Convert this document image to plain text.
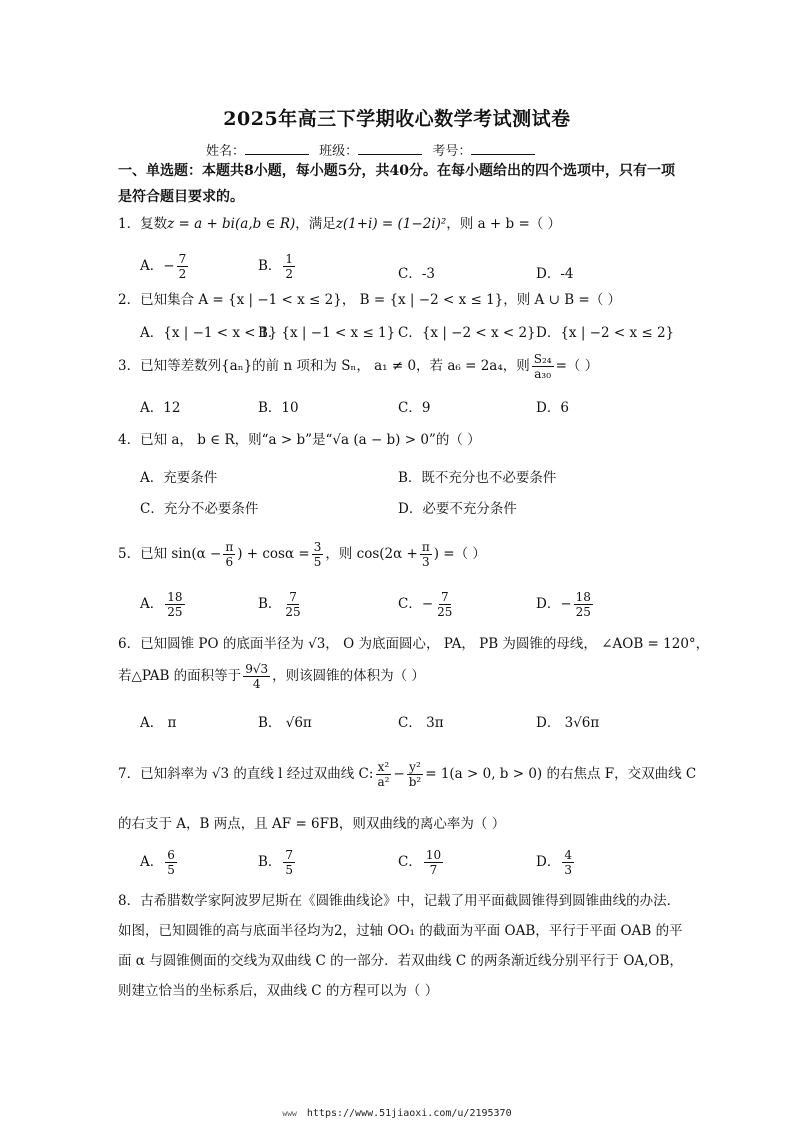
2025年高三下学期收心数学考试测试卷
姓名：	班级：	考号：
一、单选题：本题共8小题，每小题5分，共40分。在每小题给出的四个选项中，只有一项是符合题目要求的。
1．复数z = a + bi(a,b ∈ R)，满足z(1+i) = (1−2i)²，则 a + b =（ ）
A．− $\frac{7}{2}$	B． $\frac{1}{2}$	C．-3	D．-4
2．已知集合 A = {x | −1 < x ≤ 2}， B = {x | −2 < x ≤ 1}，则 A ∪ B =（ ）
A．{x | −1 < x < 1}
B．{x | −1 < x ≤ 1} C．{x | −2 < x < 2} D．{x | −2 < x ≤ 2}
3．已知等差数列{aₙ}的前 n 项和为 Sₙ， a₁ ≠ 0，若 a₆ = 2a₄，则 $\frac{\text{S₂₄}}{\text{a₃₀}}$ =（ ）
A．12	B．10	C．9	D．6
4．已知 a， b ∈ R，则“a > b”是“√a (a − b) > 0”的（ ）
A．充要条件	B．既不充分也不必要条件
C．充分不必要条件	D．必要不充分条件
5．已知 $\sin(\alpha - \frac{\pi}{6}$ ) + $\cos\alpha = \frac{3}{5}$ ，则 $\cos(2\alpha + \frac{\pi}{3}$ ) =（ ）
A． $\frac{18}{25}$	B． $\frac{7}{25}$	C．− $\frac{7}{25}$	D．− $\frac{18}{25}$
6．已知圆锥 PO 的底面半径为 √3， O 为底面圆心， PA， PB 为圆锥的母线， ∠AOB = 120°，
若△PAB 的面积等于 $\frac{9√3}{4}$ ，则该圆锥的体积为（ ）
A． π	B． √6π	C． 3π	D． 3√6π
7．已知斜率为 √3 的直线 l 经过双曲线 C: $\frac{\text{x²}}{\text{a²}} - \frac{\text{y²}}{\text{b²}} = 1(a > 0$, b > 0) 的右焦点 F，交双曲线 C
的右支于 A，B 两点，且 AF = 6FB，则双曲线的离心率为（ ）
A． $\frac{6}{5}$	B． $\frac{7}{5}$	C． $\frac{10}{7}$	D． $\frac{4}{3}$
8．古希腊数学家阿波罗尼斯在《圆锥曲线论》中，记载了用平面截圆锥得到圆锥曲线的办法．如图，已知圆锥的高与底面半径均为2，过轴 OO₁ 的截面为平面 OAB，平行于平面 OAB 的平面 α 与圆锥侧面的交线为双曲线 C 的一部分．若双曲线 C 的两条渐近线分别平行于 OA,OB，则建立恰当的坐标系后，双曲线 C 的方程可以为（ ）
www https://www.51jiaoxi.com/u/2195370
